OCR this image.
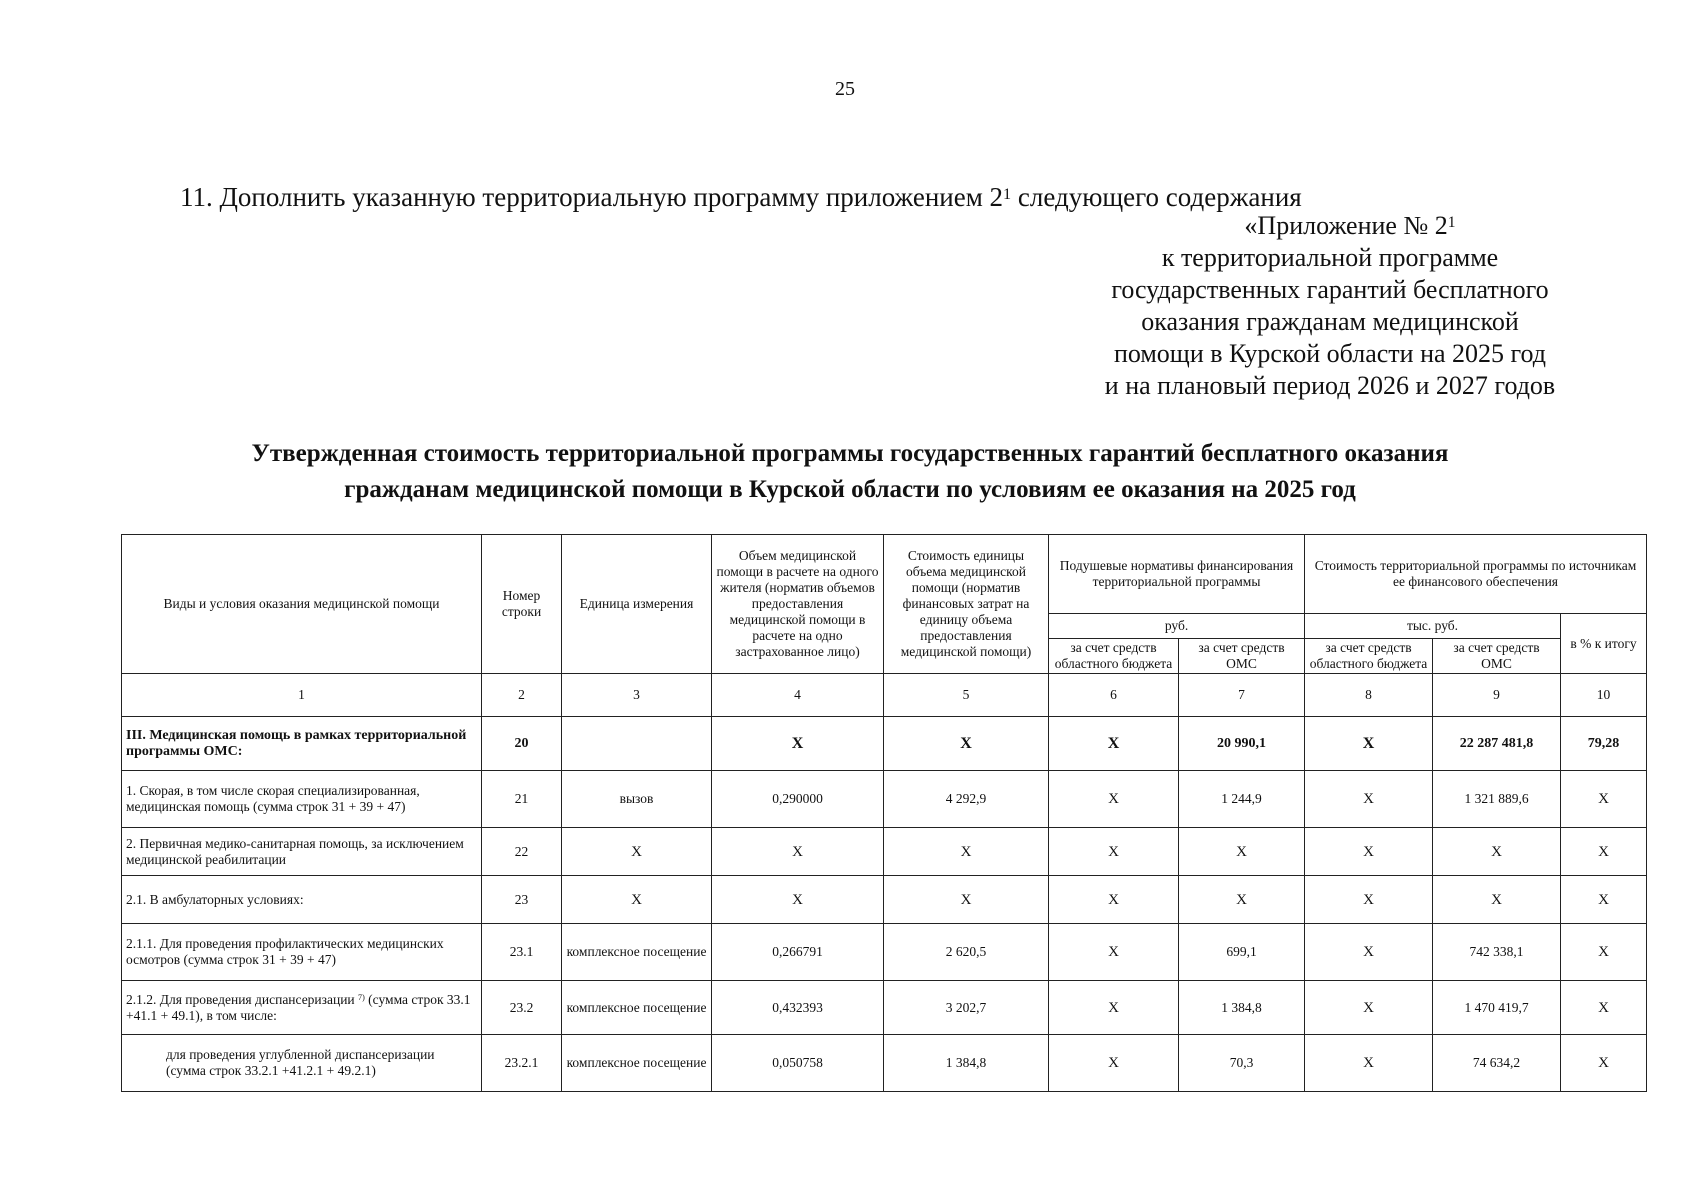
25
11. Дополнить указанную территориальную программу приложением $2^1$ следующего содержания
«Приложение № $2^1$
к территориальной программе
государственных гарантий бесплатного
оказания гражданам медицинской
помощи в Курской области на 2025 год
и на плановый период 2026 и 2027 годов
Утвержденная стоимость территориальной программы государственных гарантий бесплатного оказания
гражданам медицинской помощи в Курской области по условиям ее оказания на 2025 год
Виды и условия оказания медицинской помощи	Номер строки	Единица измерения	Объем медицинской помощи в расчете на одного жителя (норматив объемов предоставления медицинской помощи в расчете на одно застрахованное лицо)	Стоимость единицы объема медицинской помощи (норматив финансовых затрат на единицу объема предоставления медицинской помощи)	Подушевые нормативы финансирования территориальной программы		Стоимость территориальной программы по источникам ее финансового обеспечения		
					руб.		тыс. руб.		в % к итогу
					за счет средств областного бюджета	за счет средств ОМС	за счет средств областного бюджета	за счет средств ОМС	
1	2	3	4	5	6	7	8	9	10
III. Медицинская помощь в рамках территориальной программы ОМС:	20		X	X	X	20 990,1	X	22 287 481,8	79,28
1. Скорая, в том числе скорая специализированная, медицинская помощь (сумма строк 31 + 39 + 47)	21	вызов	0,290000	4 292,9	X	1 244,9	X	1 321 889,6	X
2. Первичная медико-санитарная помощь, за исключением медицинской реабилитации	22	X	X	X	X	X	X	X	X
2.1. В амбулаторных условиях:	23	X	X	X	X	X	X	X	X
2.1.1. Для проведения профилактических медицинских осмотров (сумма строк 31 + 39 + 47)	23.1	комплексное посещение	0,266791	2 620,5	X	699,1	X	742 338,1	X
2.1.2. Для проведения диспансеризации $^{7)}$ (сумма строк 33.1 +41.1 + 49.1), в том числе:	23.2	комплексное посещение	0,432393	3 202,7	X	1 384,8	X	1 470 419,7	X
для проведения углубленной диспансеризации (сумма строк 33.2.1 +41.2.1 + 49.2.1)	23.2.1	комплексное посещение	0,050758	1 384,8	X	70,3	X	74 634,2	X
